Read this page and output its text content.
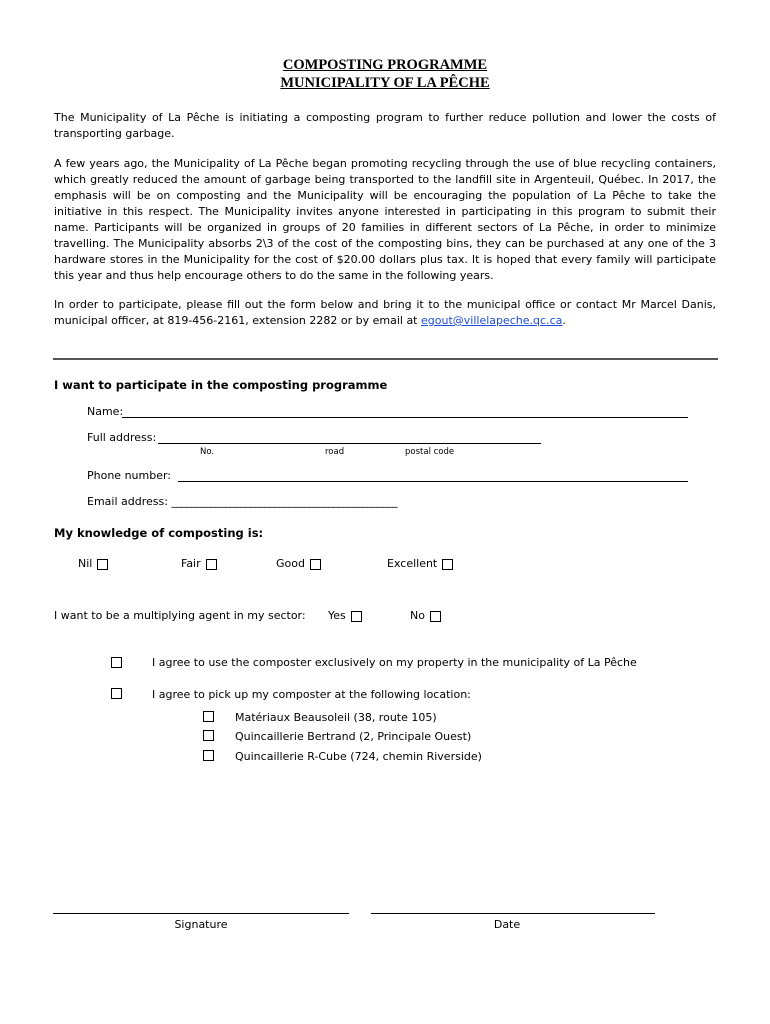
COMPOSTING PROGRAMME
MUNICIPALITY OF LA PÊCHE
The Municipality of La Pêche is initiating a composting program to further reduce pollution and lower the costs of transporting garbage.
A few years ago, the Municipality of La Pêche began promoting recycling through the use of blue recycling containers, which greatly reduced the amount of garbage being transported to the landfill site in Argenteuil, Québec. In 2017, the emphasis will be on composting and the Municipality will be encouraging the population of La Pêche to take the initiative in this respect. The Municipality invites anyone interested in participating in this program to submit their name. Participants will be organized in groups of 20 families in different sectors of La Pêche, in order to minimize travelling. The Municipality absorbs 2\3 of the cost of the composting bins, they can be purchased at any one of the 3 hardware stores in the Municipality for the cost of $20.00 dollars plus tax. It is hoped that every family will participate this year and thus help encourage others to do the same in the following years.
In order to participate, please fill out the form below and bring it to the municipal office or contact Mr Marcel Danis, municipal officer, at 819-456-2161, extension 2282 or by email at egout@villelapeche.qc.ca.
I want to participate in the composting programme
Name:
Full address:
No.	road	postal code
Phone number:
Email address: ______________________________________________
My knowledge of composting is:
Nil	Fair	Good	Excellent
I want to be a multiplying agent in my sector: Yes	No
I agree to use the composter exclusively on my property in the municipality of La Pêche
I agree to pick up my composter at the following location:
Matériaux Beausoleil (38, route 105)
Quincaillerie Bertrand (2, Principale Ouest)
Quincaillerie R-Cube (724, chemin Riverside)
Signature	Date
